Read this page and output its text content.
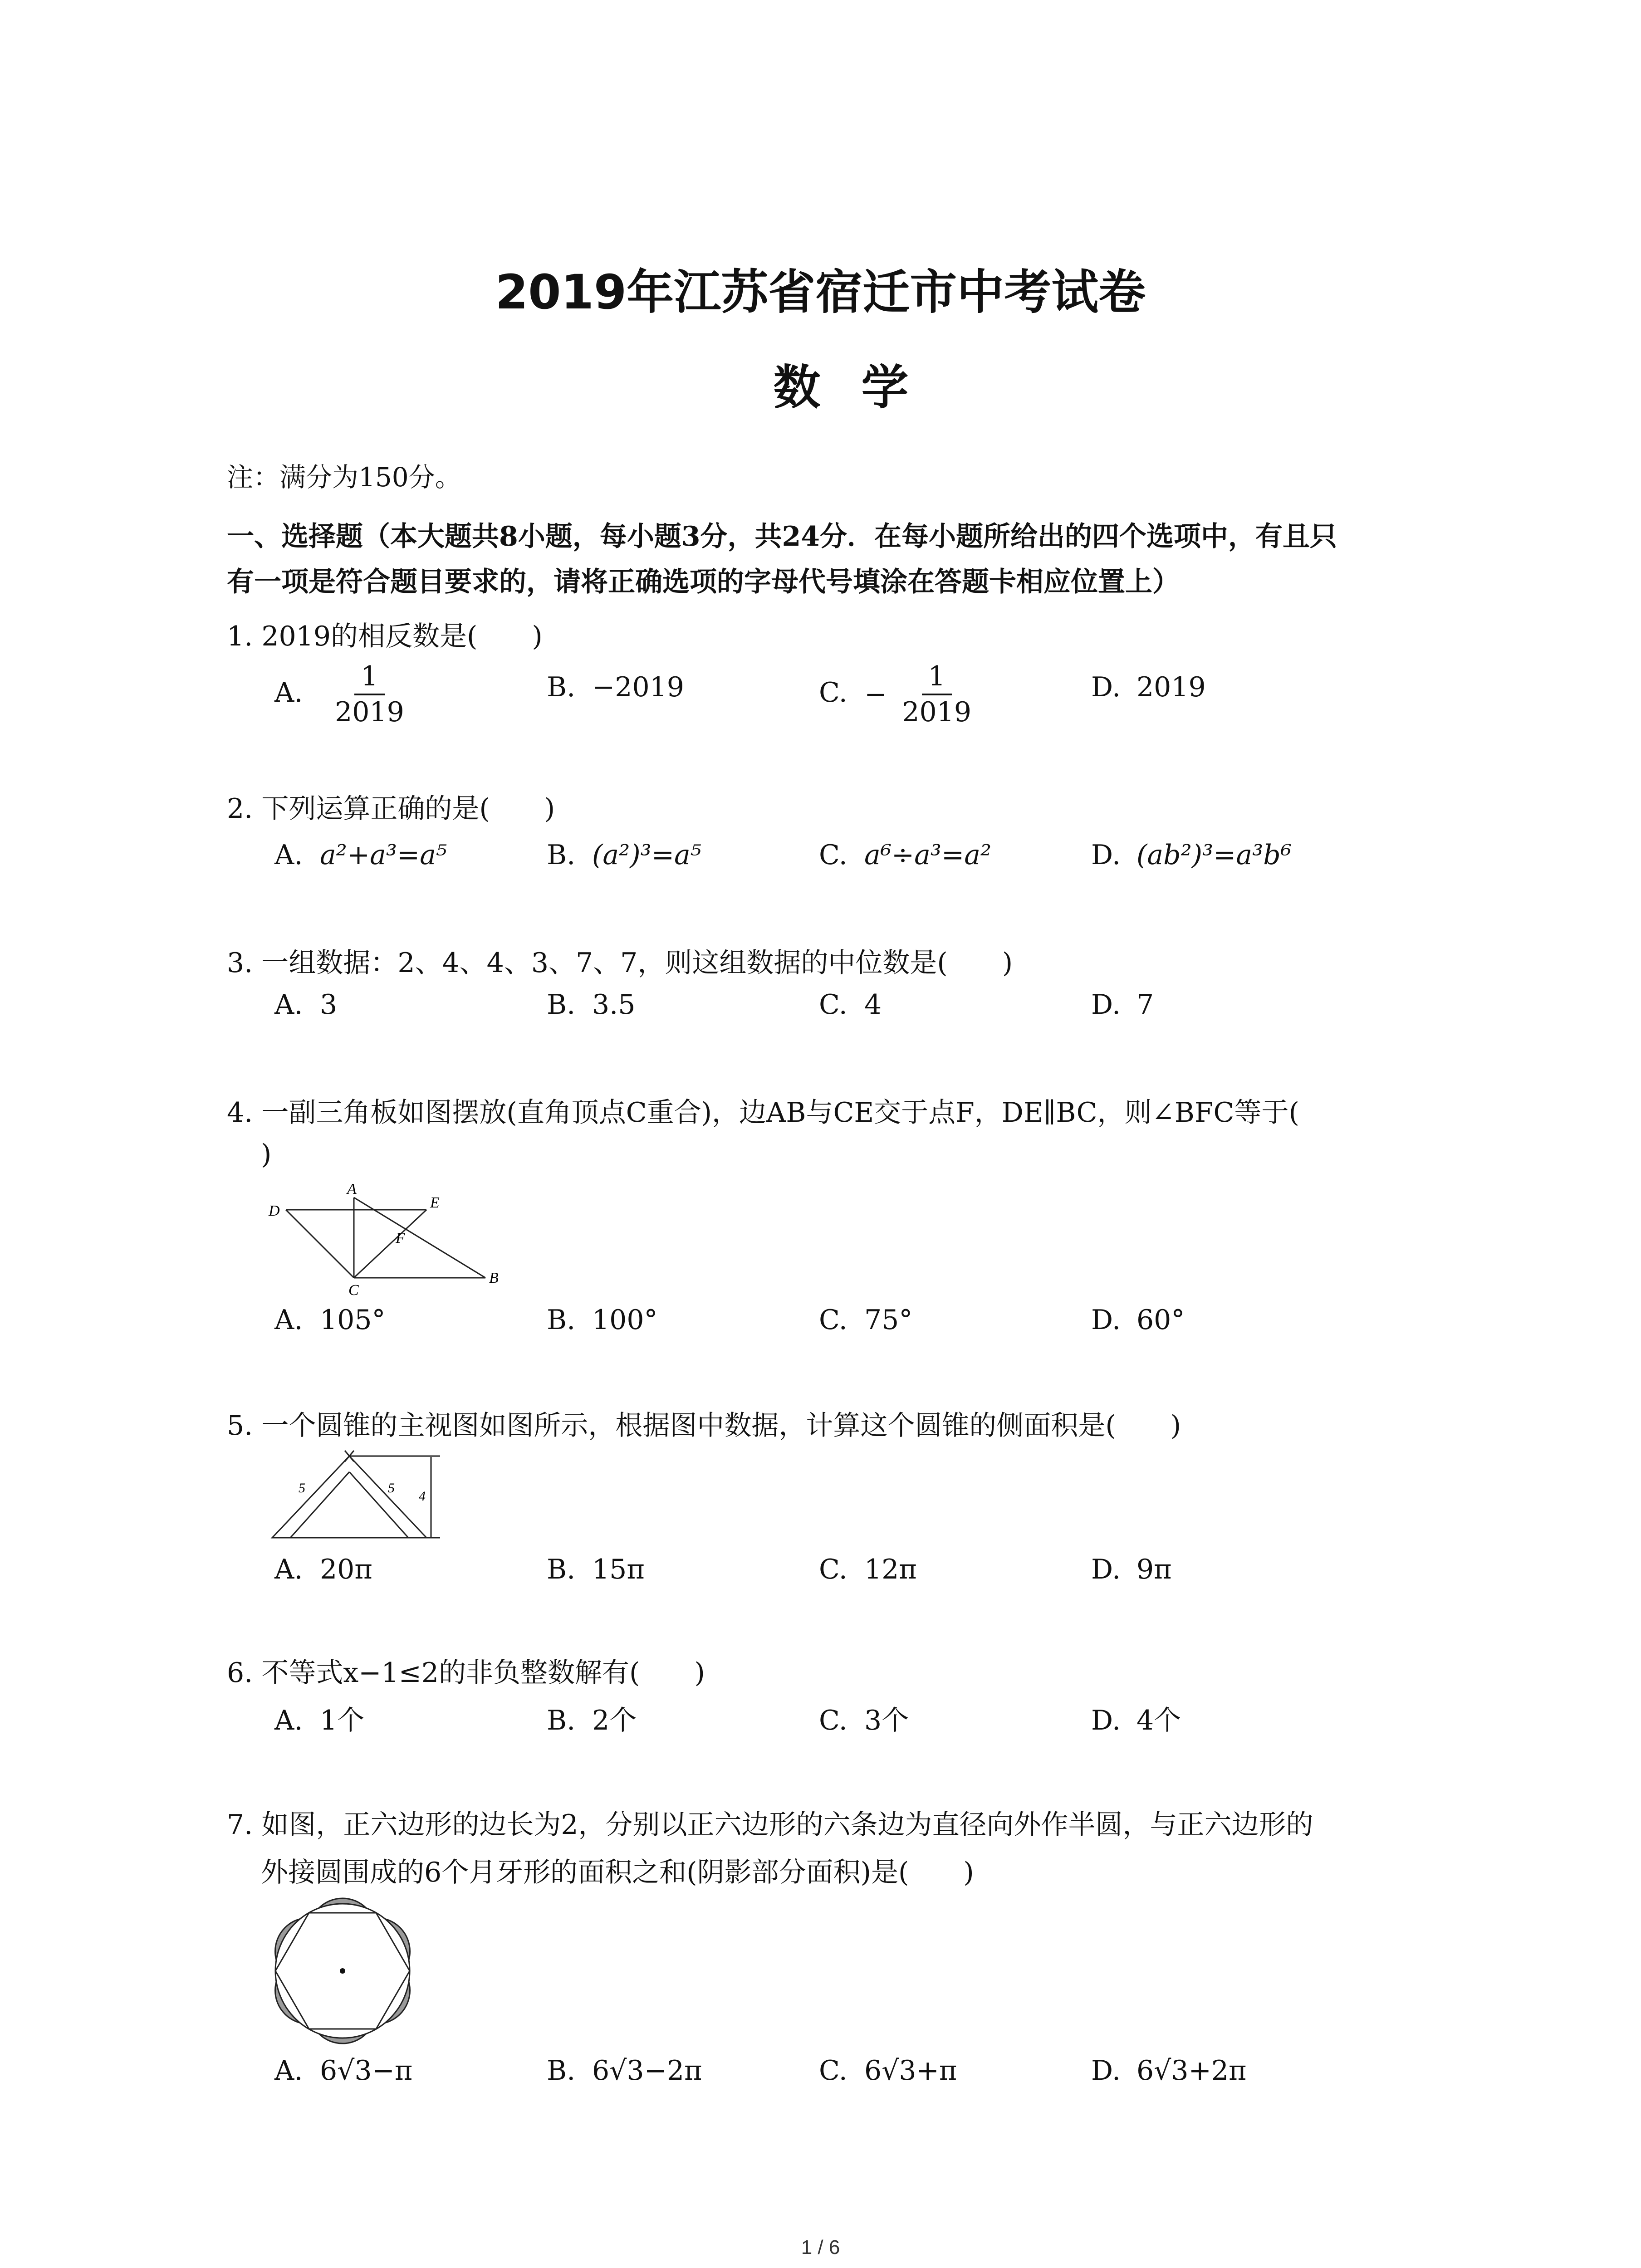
2019年江苏省宿迁市中考试卷
数学
注：满分为150分。
一、选择题（本大题共8小题，每小题3分，共24分．在每小题所给出的四个选项中，有且只
有一项是符合题目要求的，请将正确选项的字母代号填涂在答题卡相应位置上）
1. 2019的相反数是(　　)
A. $\frac{1}{2019}$	B. −2019	C. − $\frac{1}{2019}$	D. 2019
2. 下列运算正确的是(　　)
A. a²+a³=a⁵	B. (a²)³=a⁵	C. a⁶÷a³=a²	D. (ab²)³=a³b⁶
3. 一组数据：2、4、4、3、7、7，则这组数据的中位数是(　　)
A. 3	B. 3.5	C. 4	D. 7
4. 一副三角板如图摆放(直角顶点C重合)，边AB与CE交于点F，DE∥BC，则∠BFC等于(
)
D
A
E
F
C
B
A. 105°	B. 100°	C. 75°	D. 60°
5. 一个圆锥的主视图如图所示，根据图中数据，计算这个圆锥的侧面积是(　　)
5	5
4
A. 20π	B. 15π	C. 12π	D. 9π
6. 不等式x−1≤2的非负整数解有(　　)
A. 1个	B. 2个	C. 3个	D. 4个
7. 如图，正六边形的边长为2，分别以正六边形的六条边为直径向外作半圆，与正六边形的
外接圆围成的6个月牙形的面积之和(阴影部分面积)是(　　)
A. 6√3−π	B. 6√3−2π	C. 6√3+π	D. 6√3+2π
1 / 6
